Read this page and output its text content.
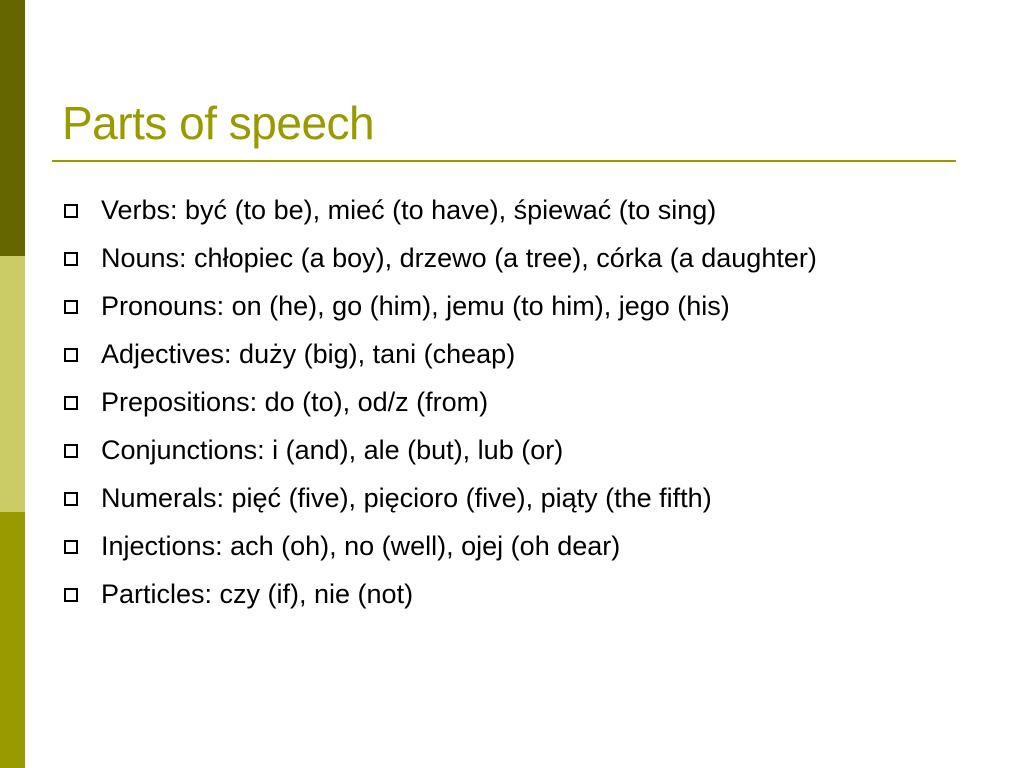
Parts of speech
Verbs: być (to be), mieć (to have), śpiewać (to sing)
Nouns: chłopiec (a boy), drzewo (a tree), córka (a daughter)
Pronouns: on (he), go (him), jemu (to him), jego (his)
Adjectives: duży (big), tani (cheap)
Prepositions: do (to), od/z (from)
Conjunctions: i (and), ale (but), lub (or)
Numerals: pięć (five), pięcioro (five), piąty (the fifth)
Injections: ach (oh), no (well), ojej (oh dear)
Particles: czy (if), nie (not)
